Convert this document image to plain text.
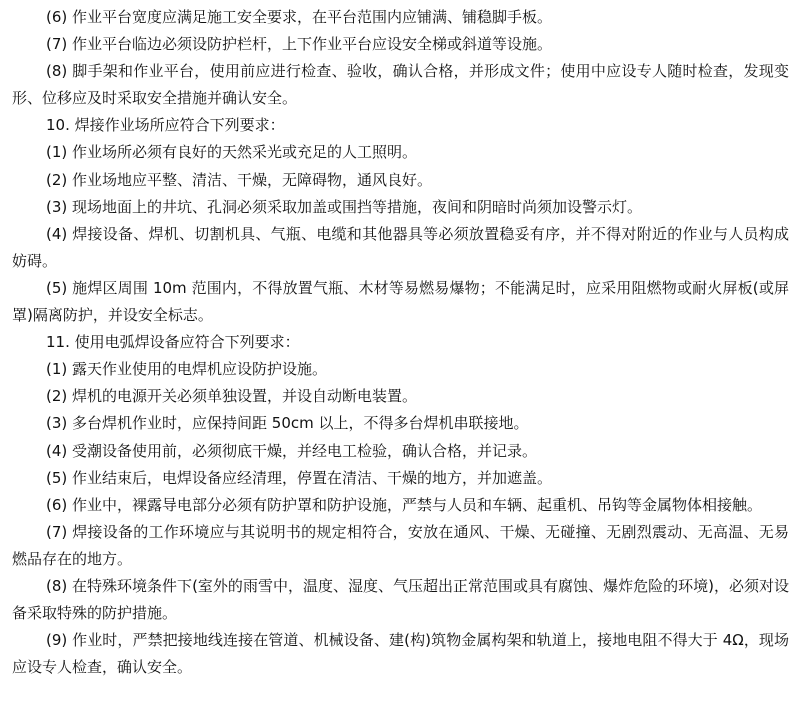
(6) 作业平台宽度应满足施工安全要求，在平台范围内应铺满、铺稳脚手板。

(7) 作业平台临边必须设防护栏杆，上下作业平台应设安全梯或斜道等设施。

(8) 脚手架和作业平台，使用前应进行检查、验收，确认合格，并形成文件；使用中应设专人随时检查，发现变形、位移应及时采取安全措施并确认安全。

10. 焊接作业场所应符合下列要求：

(1) 作业场所必须有良好的天然采光或充足的人工照明。

(2) 作业场地应平整、清洁、干燥，无障碍物，通风良好。

(3) 现场地面上的井坑、孔洞必须采取加盖或围挡等措施，夜间和阴暗时尚须加设警示灯。

(4) 焊接设备、焊机、切割机具、气瓶、电缆和其他器具等必须放置稳妥有序，并不得对附近的作业与人员构成妨碍。

(5) 施焊区周围 10m 范围内，不得放置气瓶、木材等易燃易爆物；不能满足时，应采用阻燃物或耐火屏板(或屏罩)隔离防护，并设安全标志。

11. 使用电弧焊设备应符合下列要求：

(1) 露天作业使用的电焊机应设防护设施。

(2) 焊机的电源开关必须单独设置，并设自动断电装置。

(3) 多台焊机作业时，应保持间距 50cm 以上，不得多台焊机串联接地。

(4) 受潮设备使用前，必须彻底干燥，并经电工检验，确认合格，并记录。

(5) 作业结束后，电焊设备应经清理，停置在清洁、干燥的地方，并加遮盖。

(6) 作业中，裸露导电部分必须有防护罩和防护设施，严禁与人员和车辆、起重机、吊钩等金属物体相接触。

(7) 焊接设备的工作环境应与其说明书的规定相符合，安放在通风、干燥、无碰撞、无剧烈震动、无高温、无易燃品存在的地方。

(8) 在特殊环境条件下(室外的雨雪中，温度、湿度、气压超出正常范围或具有腐蚀、爆炸危险的环境)，必须对设备采取特殊的防护措施。

(9) 作业时，严禁把接地线连接在管道、机械设备、建(构)筑物金属构架和轨道上，接地电阻不得大于 4Ω，现场应设专人检查，确认安全。
